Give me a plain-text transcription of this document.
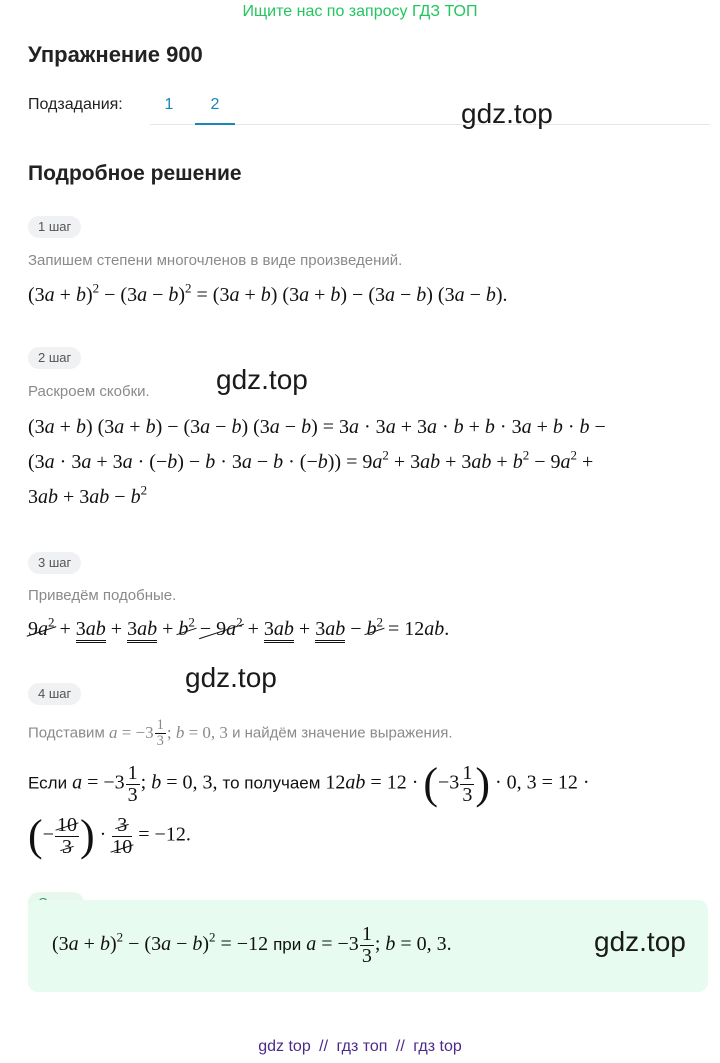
Ищите нас по запросу ГДЗ ТОП
Упражнение 900
Подзадания:	1	2	gdz.top
Подробное решение
1 шаг
Запишем степени многочленов в виде произведений.
$(3a + b)^2 - (3a - b)^2 = (3a + b)$ (3a + b) − (3a − b) (3a − b).
2 шаг
gdz.top
Раскроем скобки.
(3a + b) (3a + b) − (3a − b) (3a − b) = 3a · 3a + 3a · b + b · 3a + b · b −
$(3a \cdot 3a + 3a \cdot (-b) - b \cdot 3a - b \cdot (-b)) = 9a^2 + 3ab + 3ab + b^2 - 9a^2$ +
$3ab + 3ab - b^2$
3 шаг
Приведём подобные.
$9a^2 + 3ab + 3ab + b^2 - 9a^2 + 3ab + 3ab - b^2 = 12ab$.
gdz.top
4 шаг
Подставим $a = -3 \frac{1}{3}$ ; b = 0, 3 и найдём значение выражения.
Если $a = -3 \frac{1}{3}$ ; b = 0, 3, то получаем $12ab = 12 \cdot (-3 \frac{1}{3}$ ) · 0, 3 = 12 ·
(− $\frac{10}{3}$ ) · $\frac{3}{10} = -12$.
$(3a + b)^2 - (3a - b)^2 = -12$ при $a = -3 \frac{1}{3}$ ; b = 0, 3.	gdz.top
gdz top // гдз топ // гдз top
